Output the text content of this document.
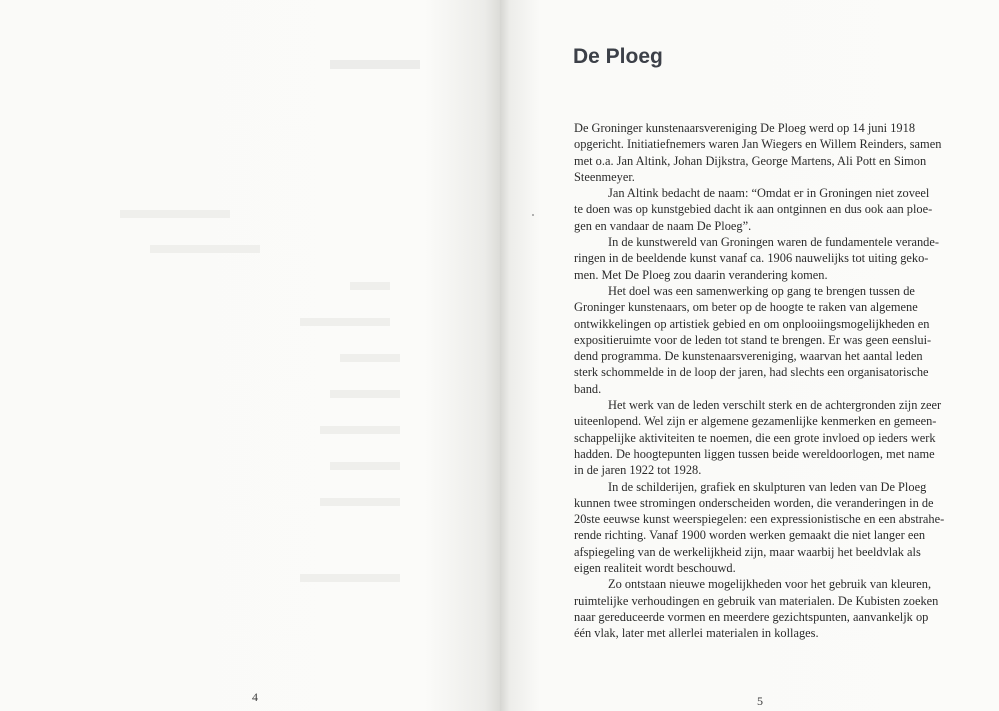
4
De Ploeg

De Groninger kunstenaarsvereniging De Ploeg werd op 14 juni 1918
opgericht. Initiatiefnemers waren Jan Wiegers en Willem Reinders, samen
met o.a. Jan Altink, Johan Dijkstra, George Martens, Ali Pott en Simon
Steenmeyer.

Jan Altink bedacht de naam: “Omdat er in Groningen niet zoveel
te doen was op kunstgebied dacht ik aan ontginnen en dus ook aan ploe-
gen en vandaar de naam De Ploeg”.

In de kunstwereld van Groningen waren de fundamentele verande-
ringen in de beeldende kunst vanaf ca. 1906 nauwelijks tot uiting geko-
men. Met De Ploeg zou daarin verandering komen.

Het doel was een samenwerking op gang te brengen tussen de
Groninger kunstenaars, om beter op de hoogte te raken van algemene
ontwikkelingen op artistiek gebied en om onplooiingsmogelijkheden en
expositieruimte voor de leden tot stand te brengen. Er was geen eenslui-
dend programma. De kunstenaarsvereniging, waarvan het aantal leden
sterk schommelde in de loop der jaren, had slechts een organisatorische
band.

Het werk van de leden verschilt sterk en de achtergronden zijn zeer
uiteenlopend. Wel zijn er algemene gezamenlijke kenmerken en gemeen-
schappelijke aktiviteiten te noemen, die een grote invloed op ieders werk
hadden. De hoogtepunten liggen tussen beide wereldoorlogen, met name
in de jaren 1922 tot 1928.

In de schilderijen, grafiek en skulpturen van leden van De Ploeg
kunnen twee stromingen onderscheiden worden, die veranderingen in de
20ste eeuwse kunst weerspiegelen: een expressionistische en een abstrahe-
rende richting. Vanaf 1900 worden werken gemaakt die niet langer een
afspiegeling van de werkelijkheid zijn, maar waarbij het beeldvlak als
eigen realiteit wordt beschouwd.

Zo ontstaan nieuwe mogelijkheden voor het gebruik van kleuren,
ruimtelijke verhoudingen en gebruik van materialen. De Kubisten zoeken
naar gereduceerde vormen en meerdere gezichtspunten, aanvankeljk op
één vlak, later met allerlei materialen in kollages.

5
